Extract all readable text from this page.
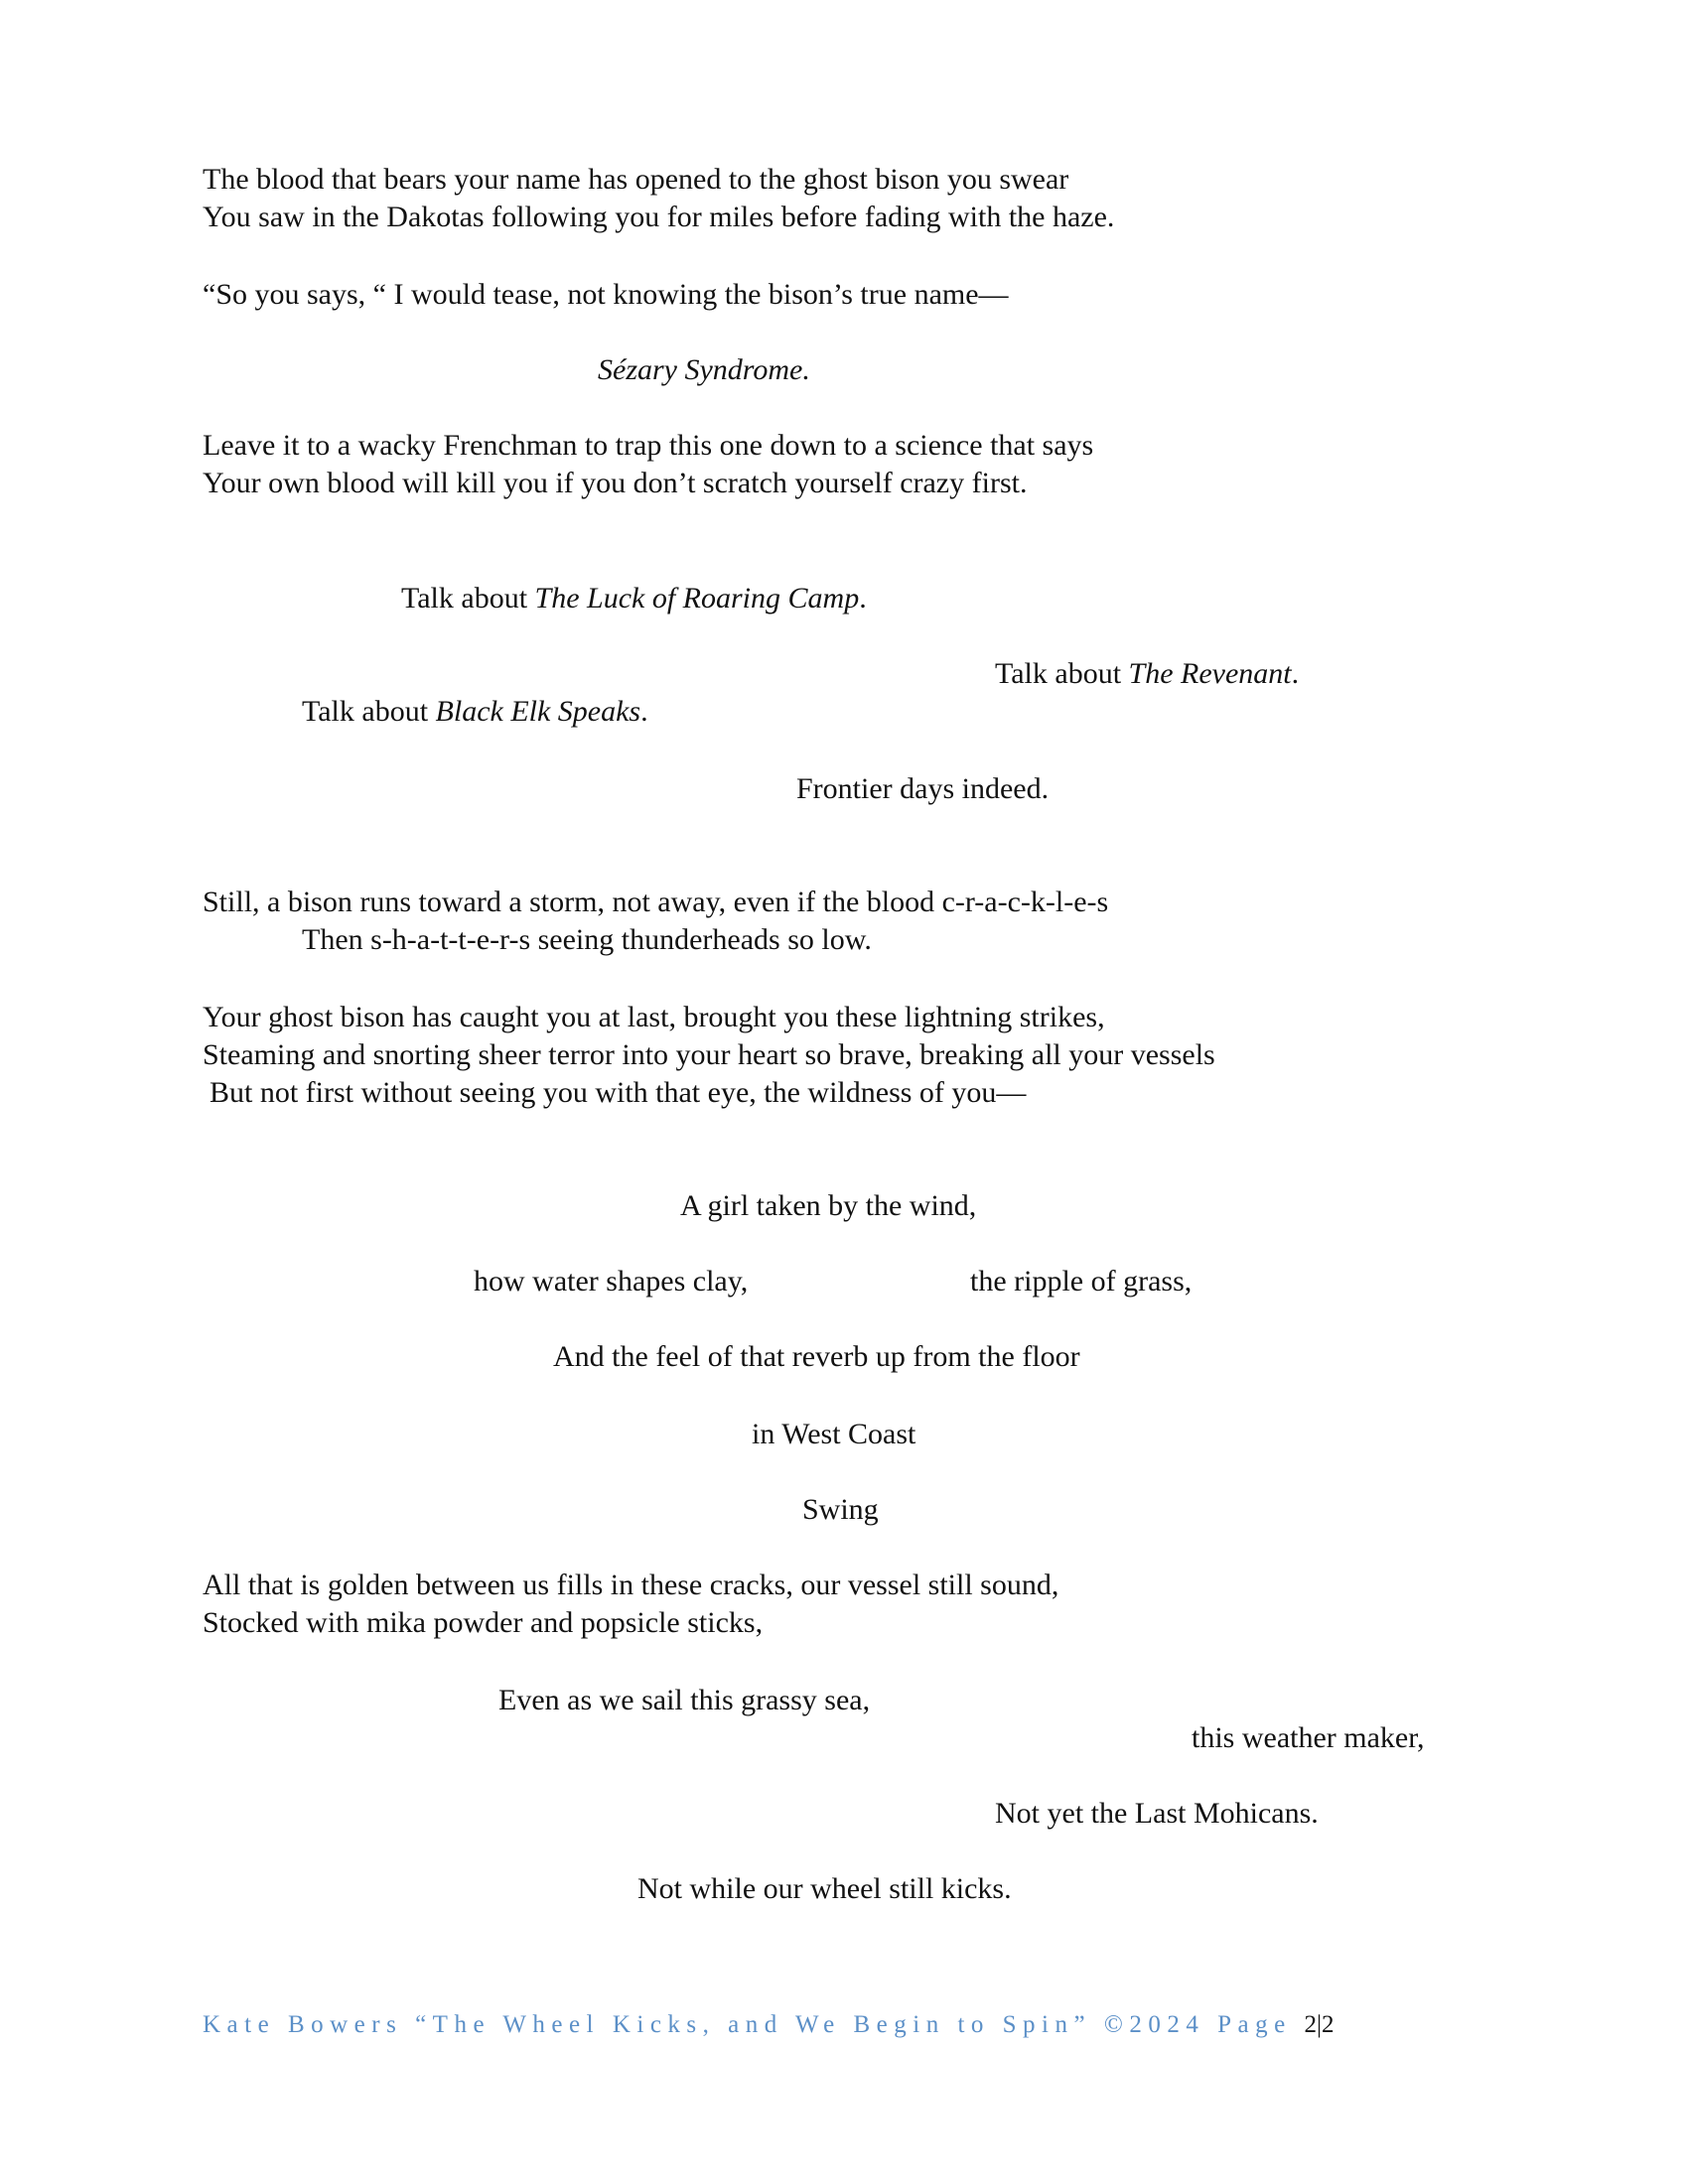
The blood that bears your name has opened to the ghost bison you swear

You saw in the Dakotas following you for miles before fading with the haze.

“So you says, “ I would tease, not knowing the bison’s true name—

Sézary Syndrome.

Leave it to a wacky Frenchman to trap this one down to a science that says

Your own blood will kill you if you don’t scratch yourself crazy first.

Talk about The Luck of Roaring Camp.

Talk about The Revenant.

Talk about Black Elk Speaks.

Frontier days indeed.

Still, a bison runs toward a storm, not away, even if the blood c-r-a-c-k-l-e-s

Then s-h-a-t-t-e-r-s seeing thunderheads so low.

Your ghost bison has caught you at last, brought you these lightning strikes,

Steaming and snorting sheer terror into your heart so brave, breaking all your vessels

But not first without seeing you with that eye, the wildness of you—

A girl taken by the wind,

how water shapes clay,	the ripple of grass,

And the feel of that reverb up from the floor

in West Coast

Swing

All that is golden between us fills in these cracks, our vessel still sound,

Stocked with mika powder and popsicle sticks,

Even as we sail this grassy sea,

this weather maker,

Not yet the Last Mohicans.

Not while our wheel still kicks.

Kate Bowers “The Wheel Kicks, and We Begin to Spin” ©2024 Page 2|2
